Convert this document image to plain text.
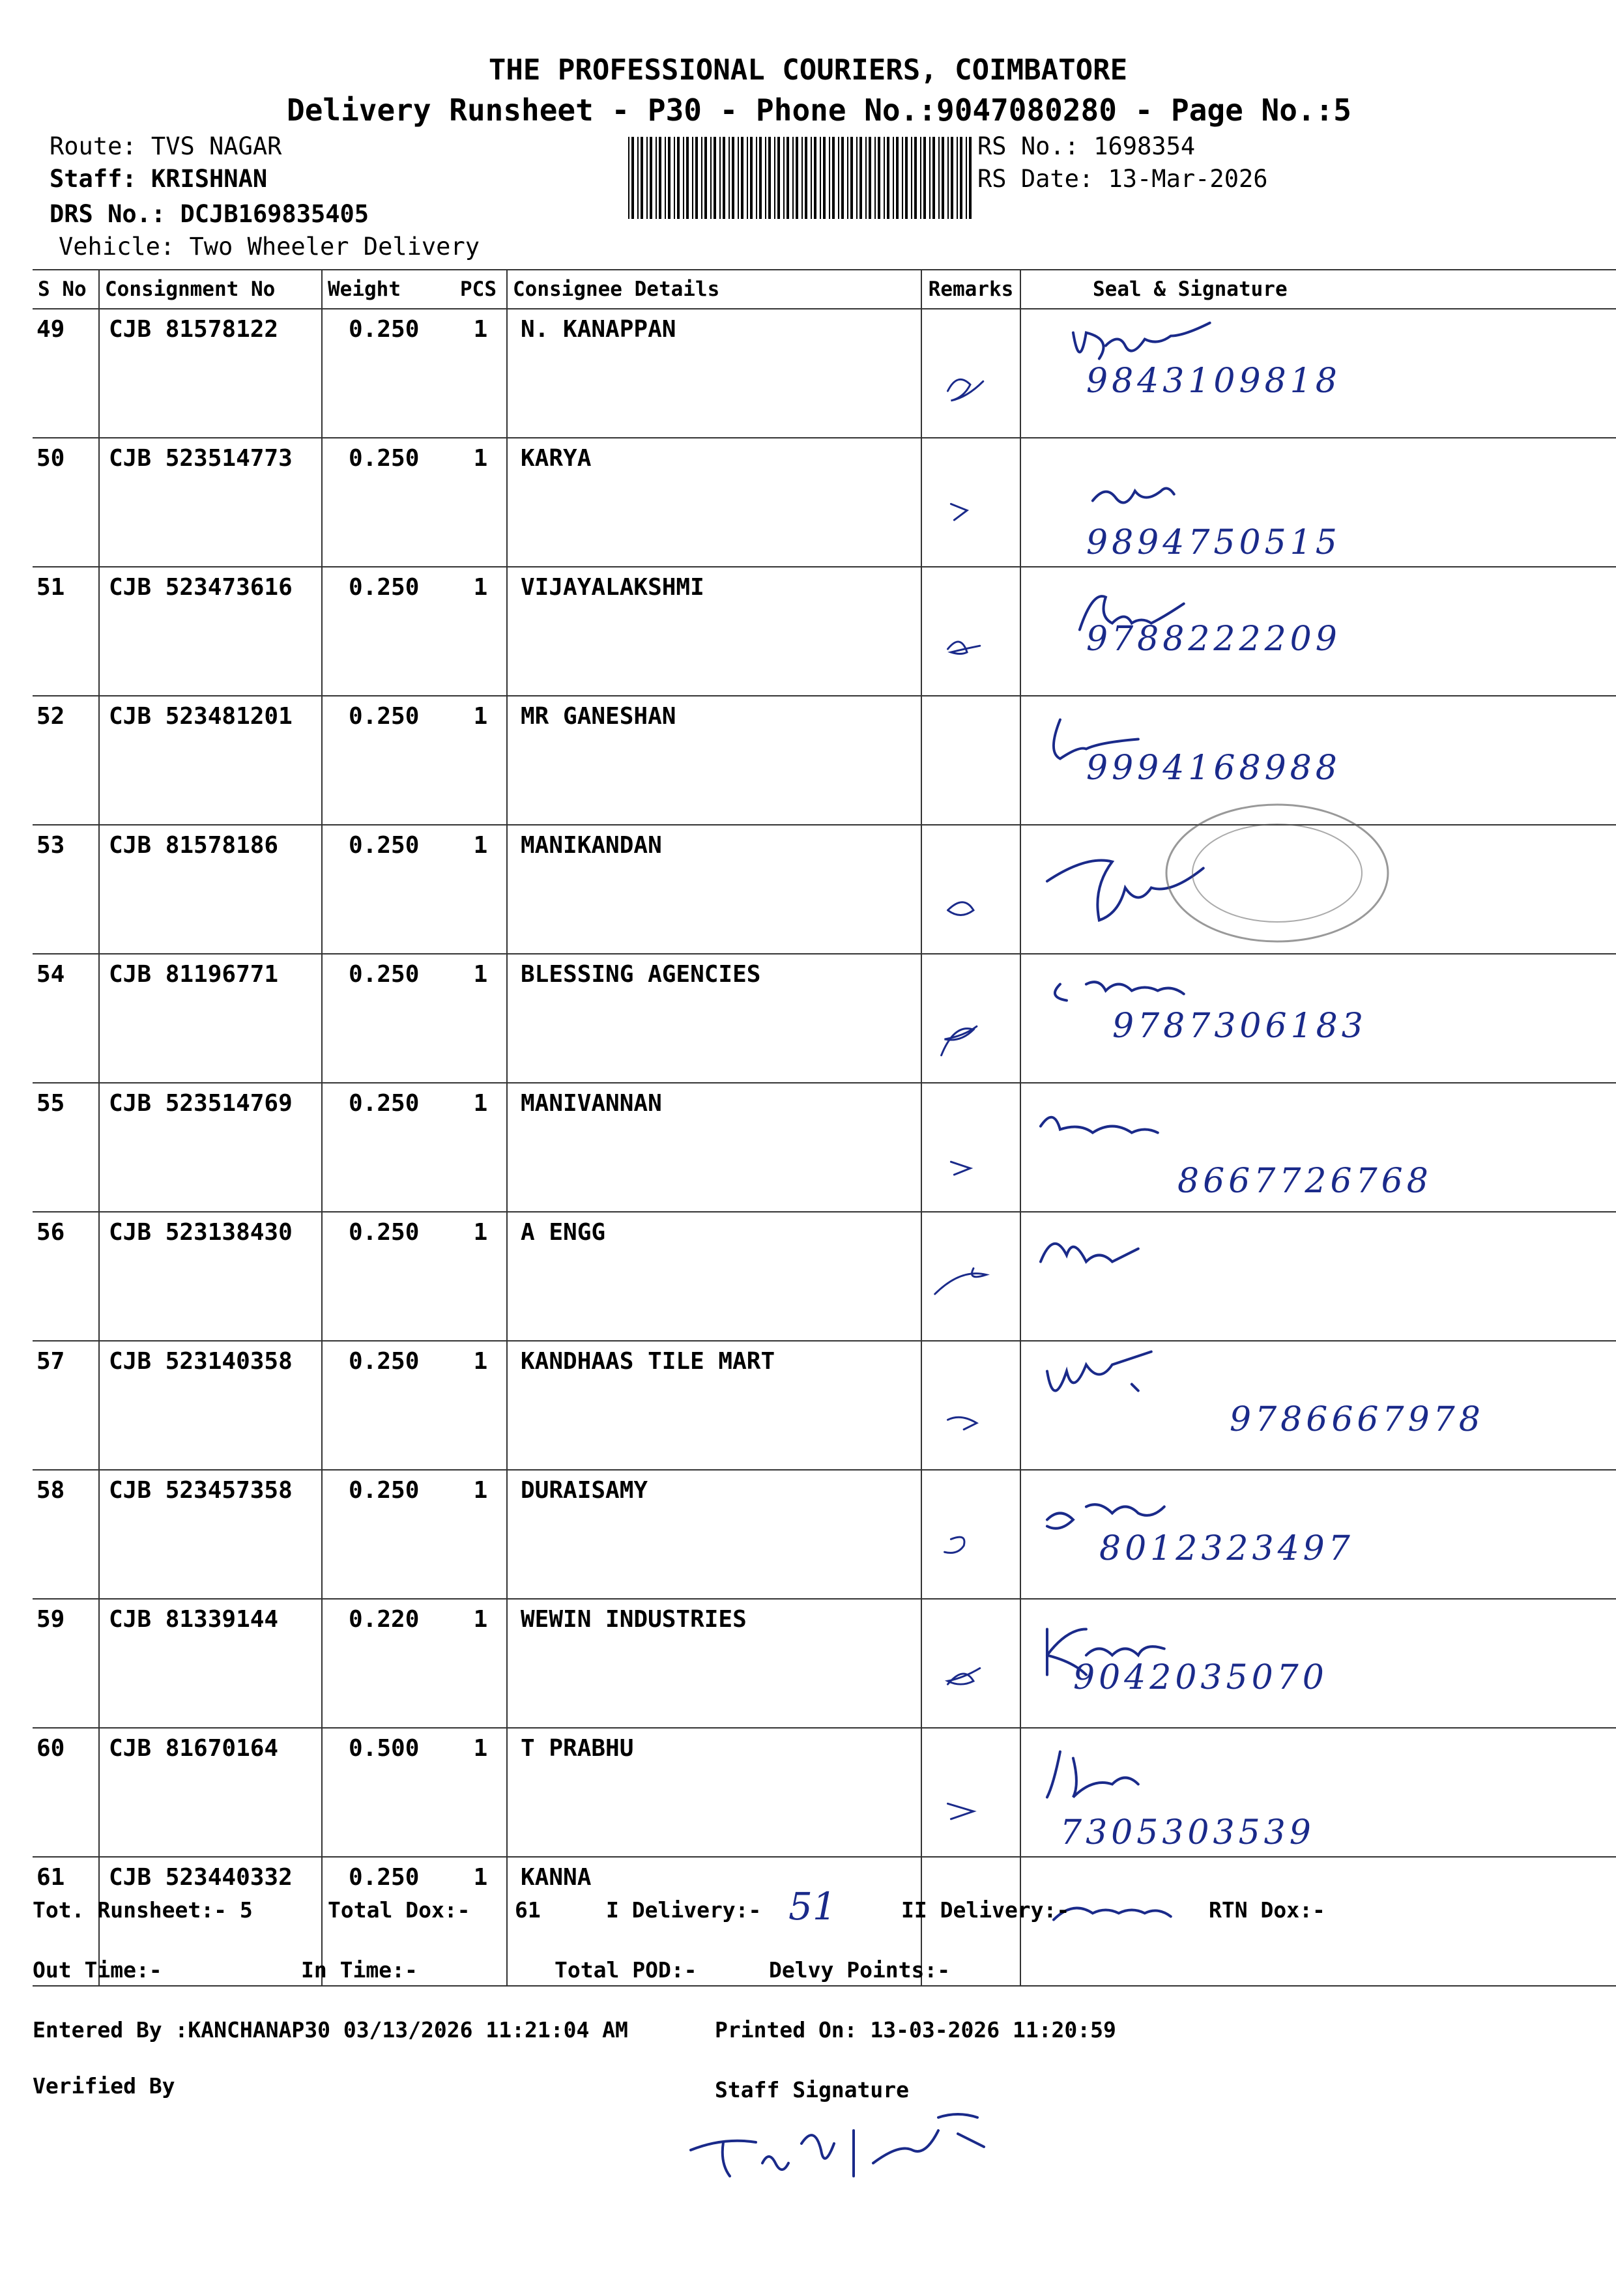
THE PROFESSIONAL COURIERS, COIMBATORE
Delivery Runsheet - P30 - Phone No.:9047080280 - Page No.:5
Route: TVS NAGAR
Staff: KRISHNAN
DRS No.: DCJB169835405
Vehicle: Two Wheeler Delivery
RS No.: 1698354
RS Date: 13-Mar-2026
S No	Consignment No	Weight	PCS	Consignee Details	Remarks	Seal & Signature
49	CJB 81578122	0.250	1	N. KANAPPAN		9843109818

50	CJB 523514773	0.250	1	KARYA		9894750515

51	CJB 523473616	0.250	1	VIJAYALAKSHMI		9788222209

52	CJB 523481201	0.250	1	MR GANESHAN		9994168988

53	CJB 81578186	0.250	1	MANIKANDAN	

54	CJB 81196771	0.250	1	BLESSING AGENCIES		9787306183

55	CJB 523514769	0.250	1	MANIVANNAN		8667726768

56	CJB 523138430	0.250	1	A ENGG	

57	CJB 523140358	0.250	1	KANDHAAS TILE MART		9786667978

58	CJB 523457358	0.250	1	DURAISAMY		8012323497

59	CJB 81339144	0.220	1	WEWIN INDUSTRIES		9042035070

60	CJB 81670164	0.500	1	T PRABHU		7305303539

61	CJB 523440332	0.250	1	KANNA		
Tot. Runsheet:- 5	Total Dox:- 61	I Delivery:- 51	II Delivery:-	RTN Dox:-
Out Time:-	In Time:-	Total POD:-	Delvy Points:-
Entered By :KANCHANAP30 03/13/2026 11:21:04 AM	Printed On: 13-03-2026 11:20:59
Verified By	Staff Signature
